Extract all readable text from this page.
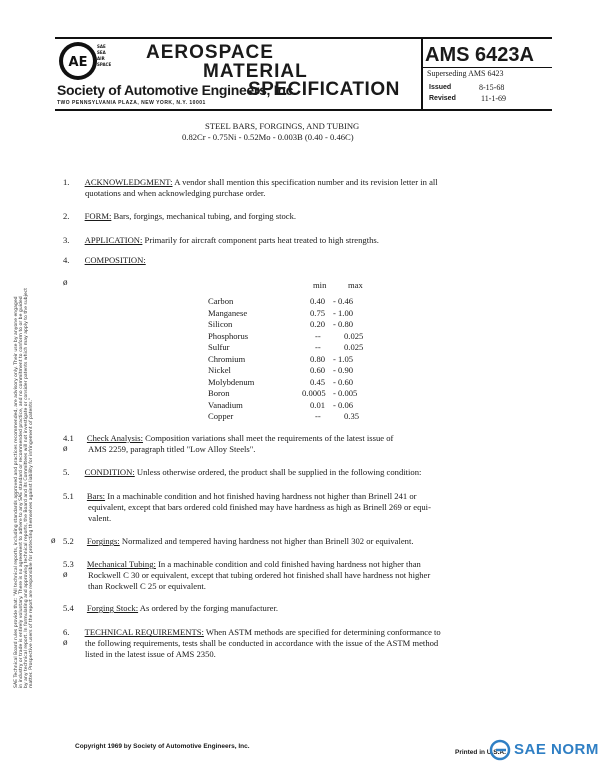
AE
SAE
SEA
AIR
SPACE
AEROSPACE
MATERIAL
Society of Automotive Engineers, Inc.
TWO PENNSYLVANIA PLAZA, NEW YORK, N.Y. 10001
SPECIFICATION
AMS 6423A
Superseding AMS 6423
Issued	8-15-68
Revised	11-1-69
SAE Technical Board rules provide that: "All technical reports, including standards approved and practices recommended, are advisory only. Their use by anyone engaged in industry or trade is entirely voluntary. There is no agreement to adhere to any SAE standard or recommended practice, and no commitment to conform to or be guided by any technical report. In formulating and approving technical reports, the Board and its Committees will not investigate or consider patents which may apply to the subject matter. Prospective users of the report are responsible for protecting themselves against liability for infringement of patents."
STEEL BARS, FORGINGS, AND TUBING
0.82Cr - 0.75Ni - 0.52Mo - 0.003B (0.40 - 0.46C)
1. ACKNOWLEDGMENT: A vendor shall mention this specification number and its revision letter in all
quotations and when acknowledging purchase order.
2. FORM: Bars, forgings, mechanical tubing, and forging stock.
3. APPLICATION: Primarily for aircraft component parts heat treated to high strengths.
4. COMPOSITION:
ø	min	max
Carbon	0.40 - 0.46
Manganese	0.75 - 1.00
Silicon	0.20 - 0.80
Phosphorus	--	0.025
Sulfur	--	0.025
Chromium	0.80 - 1.05
Nickel	0.60 - 0.90
Molybdenum	0.45 - 0.60
Boron	0.0005 - 0.005
Vanadium	0.01 - 0.06
Copper	--	0.35
4.1 Check Analysis: Composition variations shall meet the requirements of the latest issue of
ø AMS 2259, paragraph titled "Low Alloy Steels".
5. CONDITION: Unless otherwise ordered, the product shall be supplied in the following condition:
5.1 Bars: In a machinable condition and hot finished having hardness not higher than Brinell 241 or
equivalent, except that bars ordered cold finished may have hardness as high as Brinell 269 or equi-
valent.
ø 5.2 Forgings: Normalized and tempered having hardness not higher than Brinell 302 or equivalent.
5.3 Mechanical Tubing: In a machinable condition and cold finished having hardness not higher than
ø Rockwell C 30 or equivalent, except that tubing ordered hot finished shall have hardness not higher
than Rockwell C 25 or equivalent.
5.4 Forging Stock: As ordered by the forging manufacturer.
6. TECHNICAL REQUIREMENTS: When ASTM methods are specified for determining conformance to
ø the following requirements, tests shall be conducted in accordance with the issue of the ASTM method
listed in the latest issue of AMS 2350.
Copyright 1969 by Society of Automotive Engineers, Inc.
Printed in U.S.A. SAE NORM
